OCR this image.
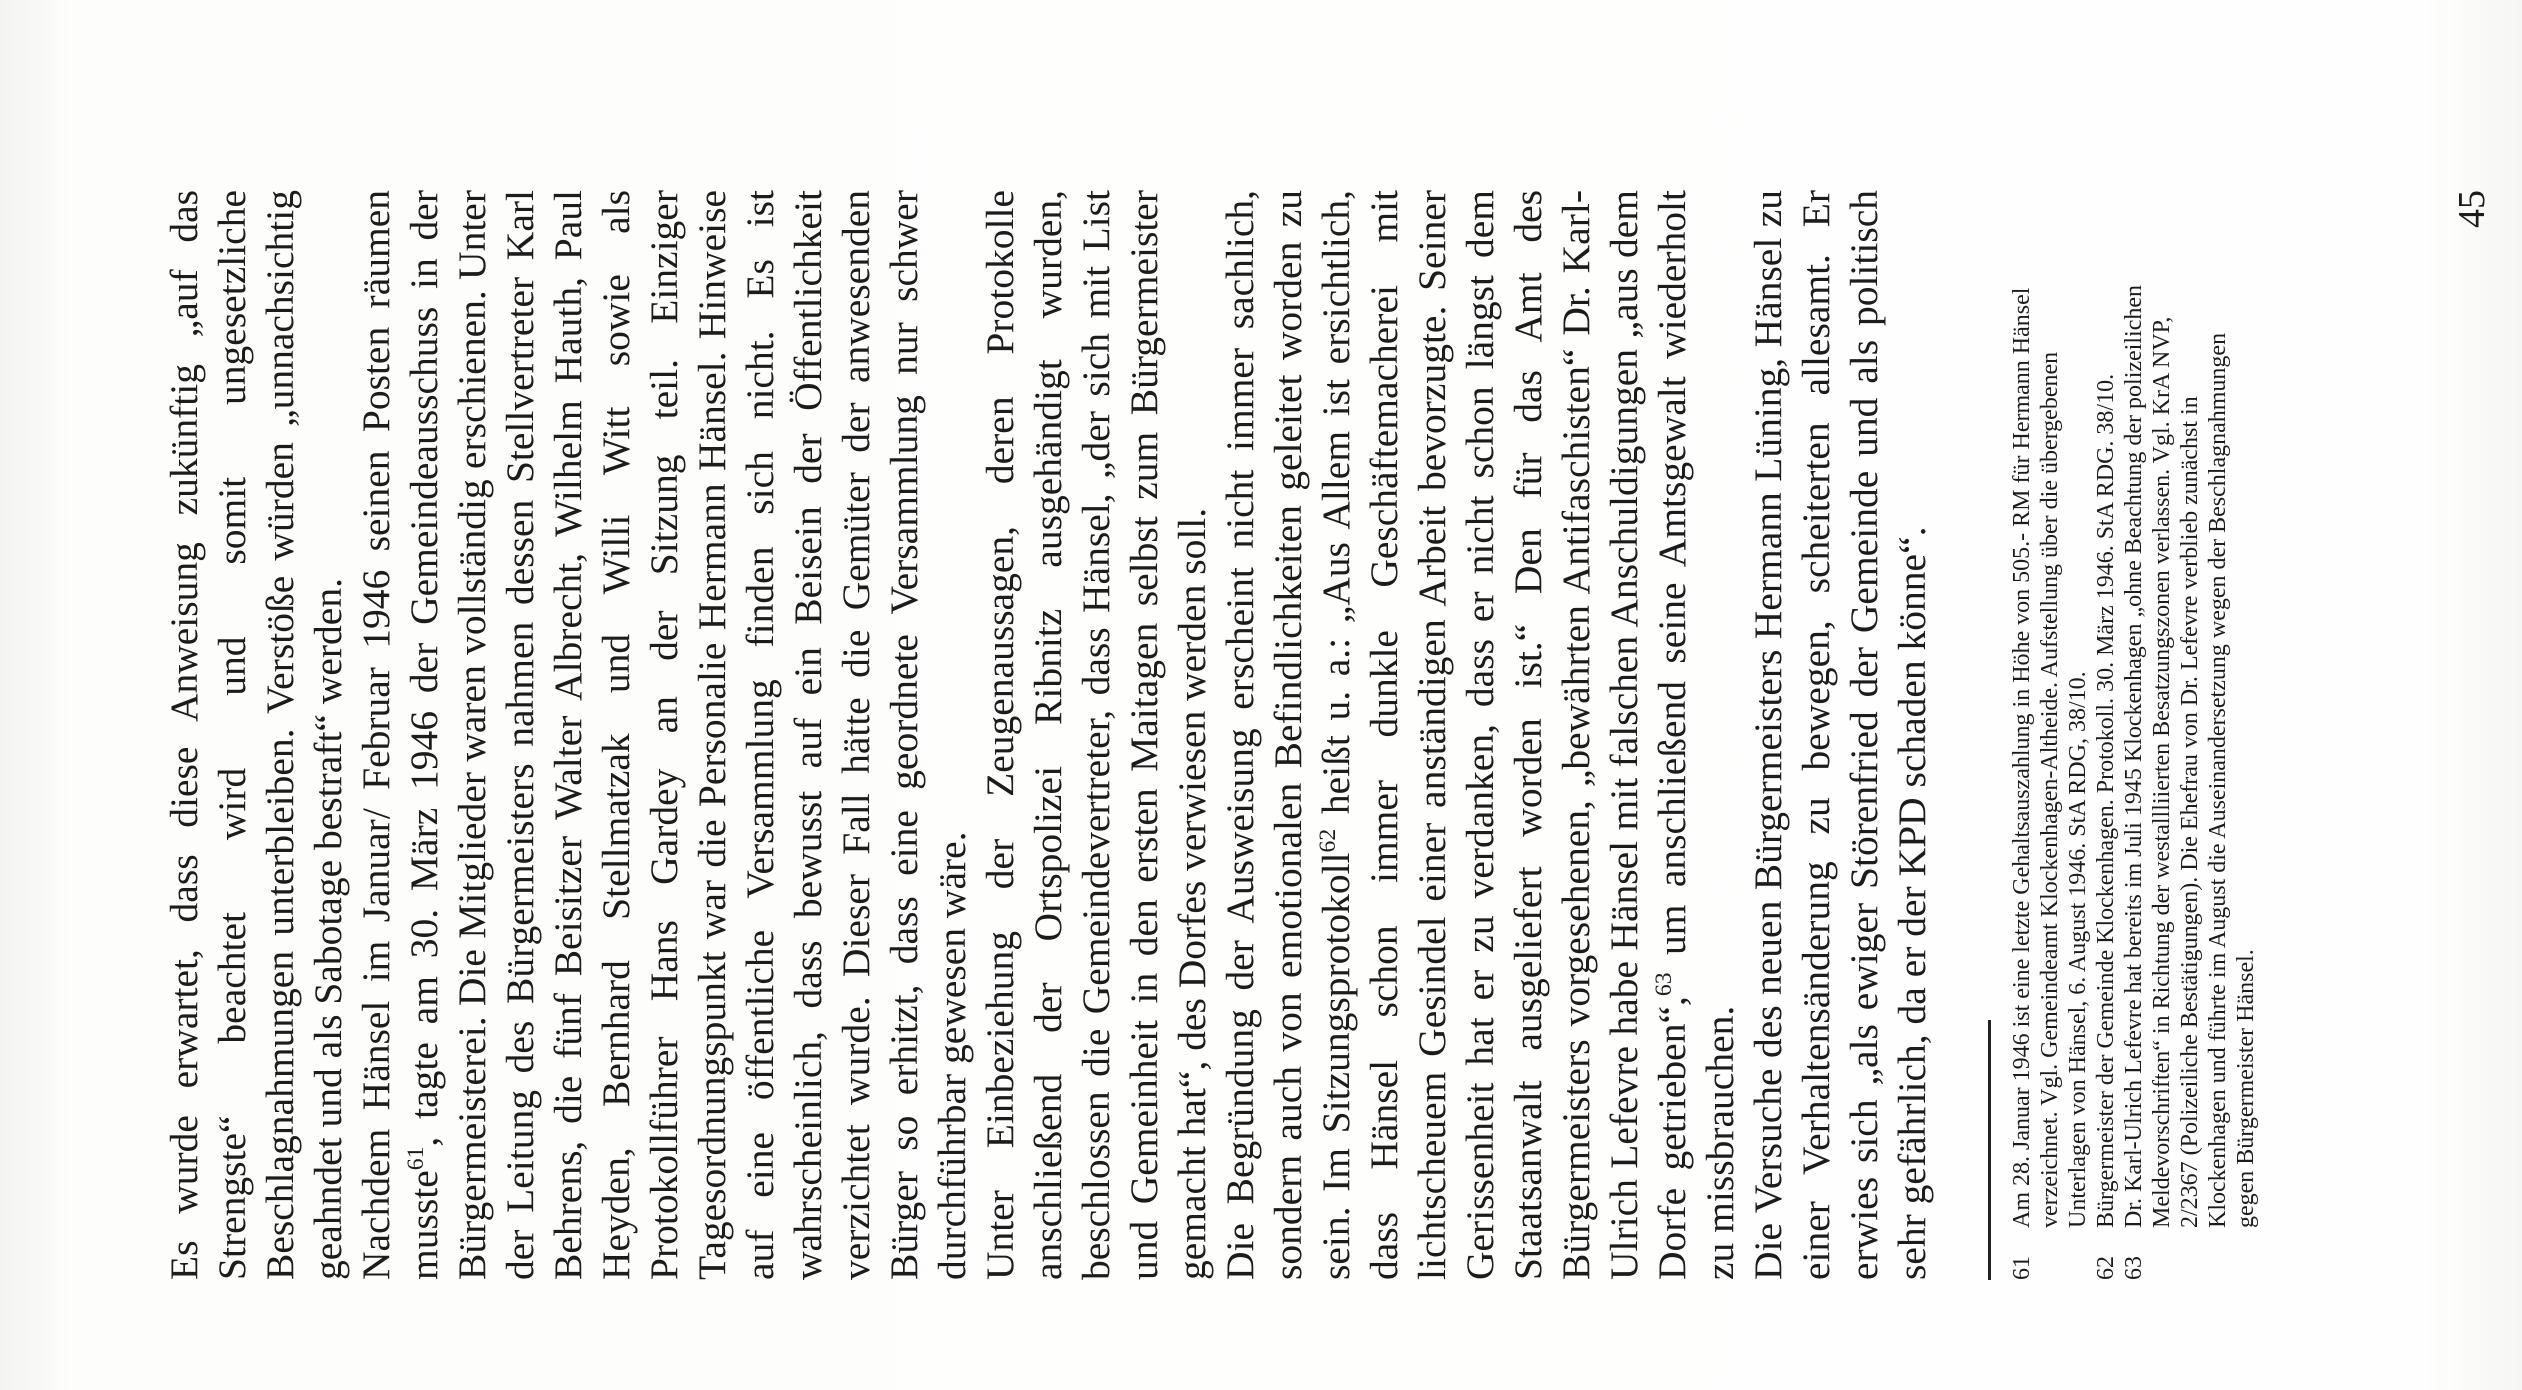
Es wurde erwartet, dass diese Anweisung zukünftig „auf das Strengste“ beachtet wird und somit ungesetzliche Beschlagnahmungen unterbleiben. Verstöße würden „unnachsichtig geahndet und als Sabotage bestraft“ werden. Nachdem Hänsel im Januar/ Februar 1946 seinen Posten räumen musste$^{61}$, tagte am 30. März 1946 der Gemeindeausschuss in der Bürgermeisterei. Die Mitglieder waren vollständig erschienen. Unter der Leitung des Bürgermeisters nahmen dessen Stellvertreter Karl Behrens, die fünf Beisitzer Walter Albrecht, Wilhelm Hauth, Paul Heyden, Bernhard Stellmatzak und Willi Witt sowie als Protokollführer Hans Gardey an der Sitzung teil. Einziger Tagesordnungspunkt war die Personalie Hermann Hänsel. Hinweise auf eine öffentliche Versammlung finden sich nicht. Es ist wahrscheinlich, dass bewusst auf ein Beisein der Öffentlichkeit verzichtet wurde. Dieser Fall hätte die Gemüter der anwesenden Bürger so erhitzt, dass eine geordnete Versammlung nur schwer durchführbar gewesen wäre. Unter Einbeziehung der Zeugenaussagen, deren Protokolle anschließend der Ortspolizei Ribnitz ausgehändigt wurden, beschlossen die Gemeindevertreter, dass Hänsel, „der sich mit List und Gemeinheit in den ersten Maitagen selbst zum Bürgermeister gemacht hat“, des Dorfes verwiesen werden soll. Die Begründung der Ausweisung erscheint nicht immer sachlich, sondern auch von emotionalen Befindlichkeiten geleitet worden zu sein. Im Sitzungsprotokoll$^{62}$ heißt u. a.: „Aus Allem ist ersichtlich, dass Hänsel schon immer dunkle Geschäftemacherei mit lichtscheuem Gesindel einer anständigen Arbeit bevorzugte. Seiner Gerissenheit hat er zu verdanken, dass er nicht schon längst dem Staatsanwalt ausgeliefert worden ist.“ Den für das Amt des Bürgermeisters vorgesehenen, „bewährten Antifaschisten“ Dr. Karl-Ulrich Lefevre habe Hänsel mit falschen Anschuldigungen „aus dem Dorfe getrieben“,$^{63}$ um anschließend seine Amtsgewalt wiederholt zu missbrauchen. Die Versuche des neuen Bürgermeisters Hermann Lüning, Hänsel zu einer Verhaltensänderung zu bewegen, scheiterten allesamt. Er erwies sich „als ewiger Störenfried der Gemeinde und als politisch sehr gefährlich, da er der KPD schaden könne“.	61
Am 28. Januar 1946 ist eine letzte Gehaltsauszahlung in Höhe von 505.- RM für Hermann Hänsel verzeichnet. Vgl. Gemeindeamt Klockenhagen-Altheide. Aufstellung über die übergebenen Unterlagen von Hänsel, 6. August 1946. StA RDG, 38/10.
62
Bürgermeister der Gemeinde Klockenhagen. Protokoll. 30. März 1946. StA RDG. 38/10.
63
Dr. Karl-Ulrich Lefevre hat bereits im Juli 1945 Klockenhagen „ohne Beachtung der polizeilichen Meldevorschriften“ in Richtung der westallliierten Besatzungszonen verlassen. Vgl. KrA NVP, 2/2367 (Polizeiliche Bestätigungen). Die Ehefrau von Dr. Lefevre verblieb zunächst in Klockenhagen und führte im August die Auseinandersetzung wegen der Beschlagnahmungen gegen Bürgermeister Hänsel.
45
